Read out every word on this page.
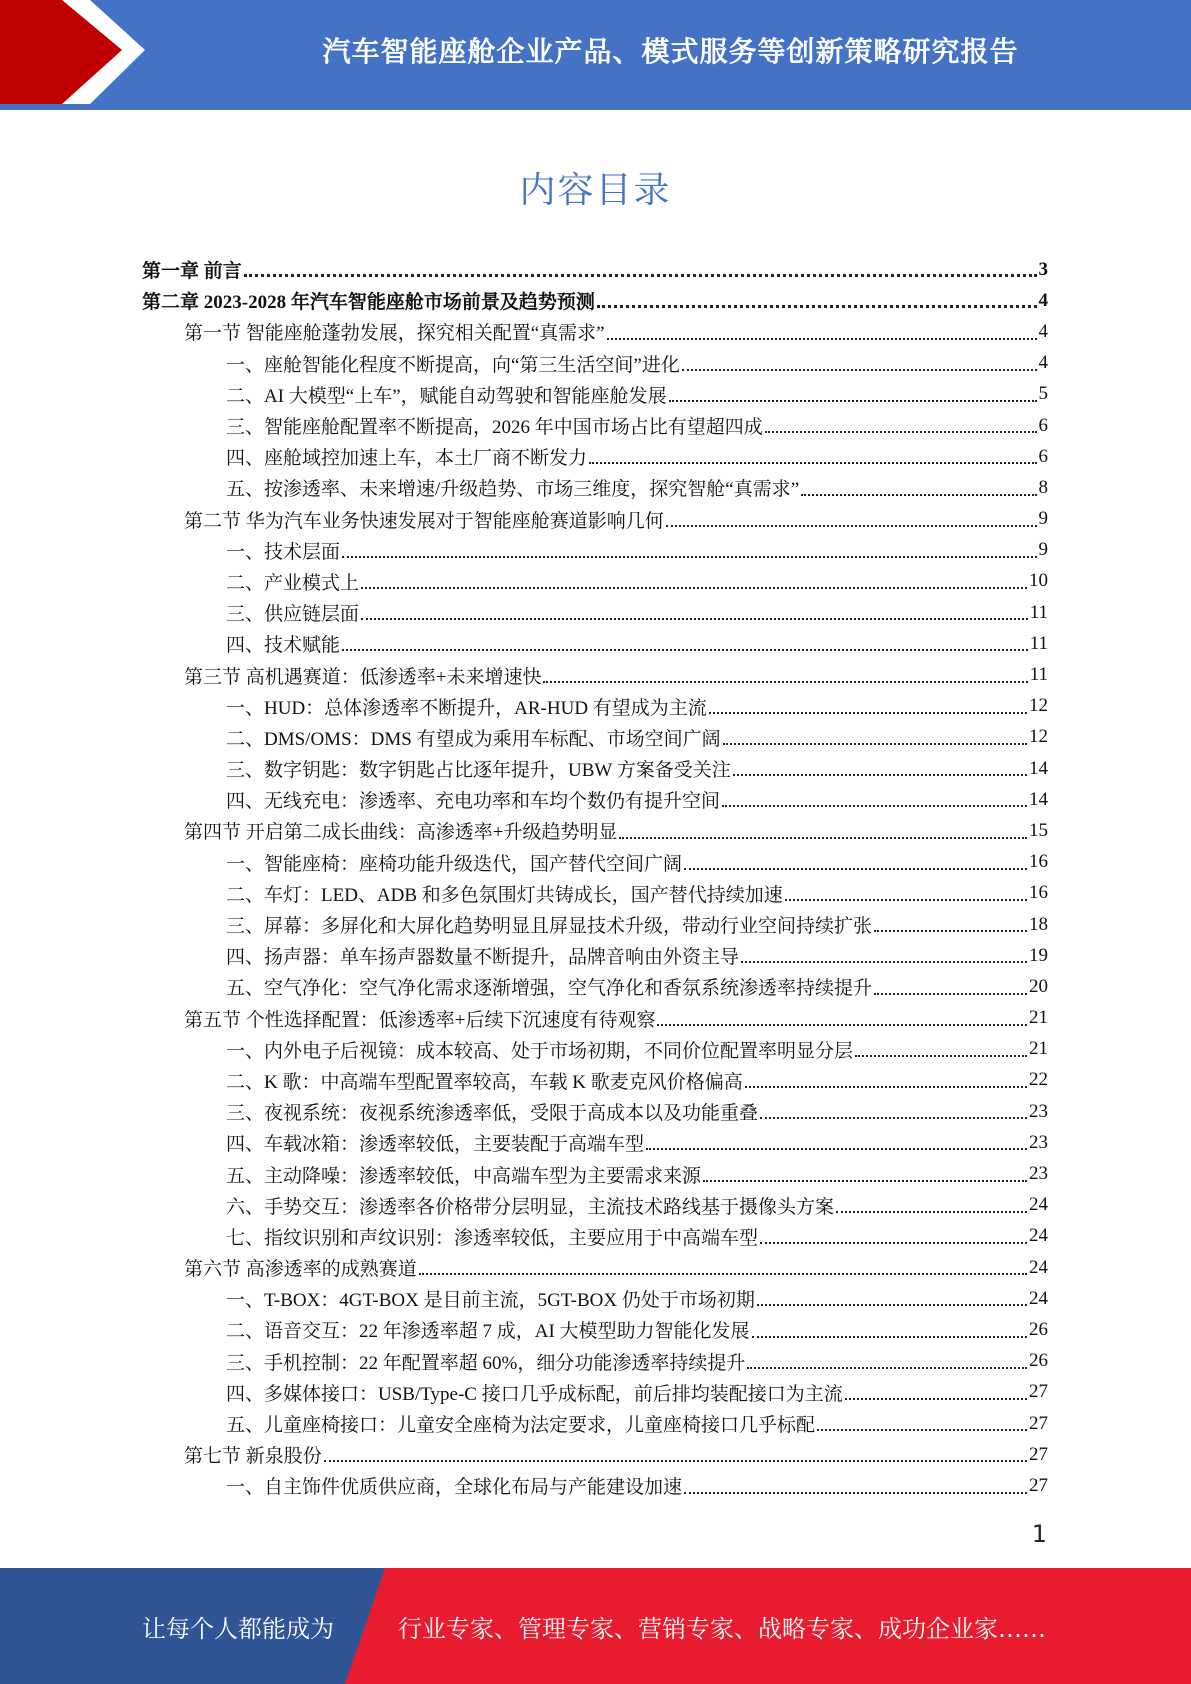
汽车智能座舱企业产品、模式服务等创新策略研究报告
内容目录
第一章 前言	3
第二章 2023-2028 年汽车智能座舱市场前景及趋势预测	4
第一节 智能座舱蓬勃发展，探究相关配置“真需求”	4
一、座舱智能化程度不断提高，向“第三生活空间”进化	4
二、AI 大模型“上车”，赋能自动驾驶和智能座舱发展	5
三、智能座舱配置率不断提高，2026 年中国市场占比有望超四成	6
四、座舱域控加速上车，本土厂商不断发力	6
五、按渗透率、未来增速/升级趋势、市场三维度，探究智舱“真需求”	8
第二节 华为汽车业务快速发展对于智能座舱赛道影响几何	9
一、技术层面	9
二、产业模式上	10
三、供应链层面	11
四、技术赋能	11
第三节 高机遇赛道：低渗透率+未来增速快	11
一、HUD：总体渗透率不断提升，AR-HUD 有望成为主流	12
二、DMS/OMS：DMS 有望成为乘用车标配、市场空间广阔	12
三、数字钥匙：数字钥匙占比逐年提升，UBW 方案备受关注	14
四、无线充电：渗透率、充电功率和车均个数仍有提升空间	14
第四节 开启第二成长曲线：高渗透率+升级趋势明显	15
一、智能座椅：座椅功能升级迭代，国产替代空间广阔	16
二、车灯：LED、ADB 和多色氛围灯共铸成长，国产替代持续加速	16
三、屏幕：多屏化和大屏化趋势明显且屏显技术升级，带动行业空间持续扩张	18
四、扬声器：单车扬声器数量不断提升，品牌音响由外资主导	19
五、空气净化：空气净化需求逐渐增强，空气净化和香氛系统渗透率持续提升	20
第五节 个性选择配置：低渗透率+后续下沉速度有待观察	21
一、内外电子后视镜：成本较高、处于市场初期，不同价位配置率明显分层	21
二、K 歌：中高端车型配置率较高，车载 K 歌麦克风价格偏高	22
三、夜视系统：夜视系统渗透率低，受限于高成本以及功能重叠	23
四、车载冰箱：渗透率较低，主要装配于高端车型	23
五、主动降噪：渗透率较低，中高端车型为主要需求来源	23
六、手势交互：渗透率各价格带分层明显，主流技术路线基于摄像头方案	24
七、指纹识别和声纹识别：渗透率较低，主要应用于中高端车型	24
第六节 高渗透率的成熟赛道	24
一、T-BOX：4GT-BOX 是目前主流，5GT-BOX 仍处于市场初期	24
二、语音交互：22 年渗透率超 7 成，AI 大模型助力智能化发展	26
三、手机控制：22 年配置率超 60%，细分功能渗透率持续提升	26
四、多媒体接口：USB/Type-C 接口几乎成标配，前后排均装配接口为主流	27
五、儿童座椅接口：儿童安全座椅为法定要求，儿童座椅接口几乎标配	27
第七节 新泉股份	27
一、自主饰件优质供应商，全球化布局与产能建设加速	27
1
让每个人都能成为	行业专家、管理专家、营销专家、战略专家、成功企业家……
